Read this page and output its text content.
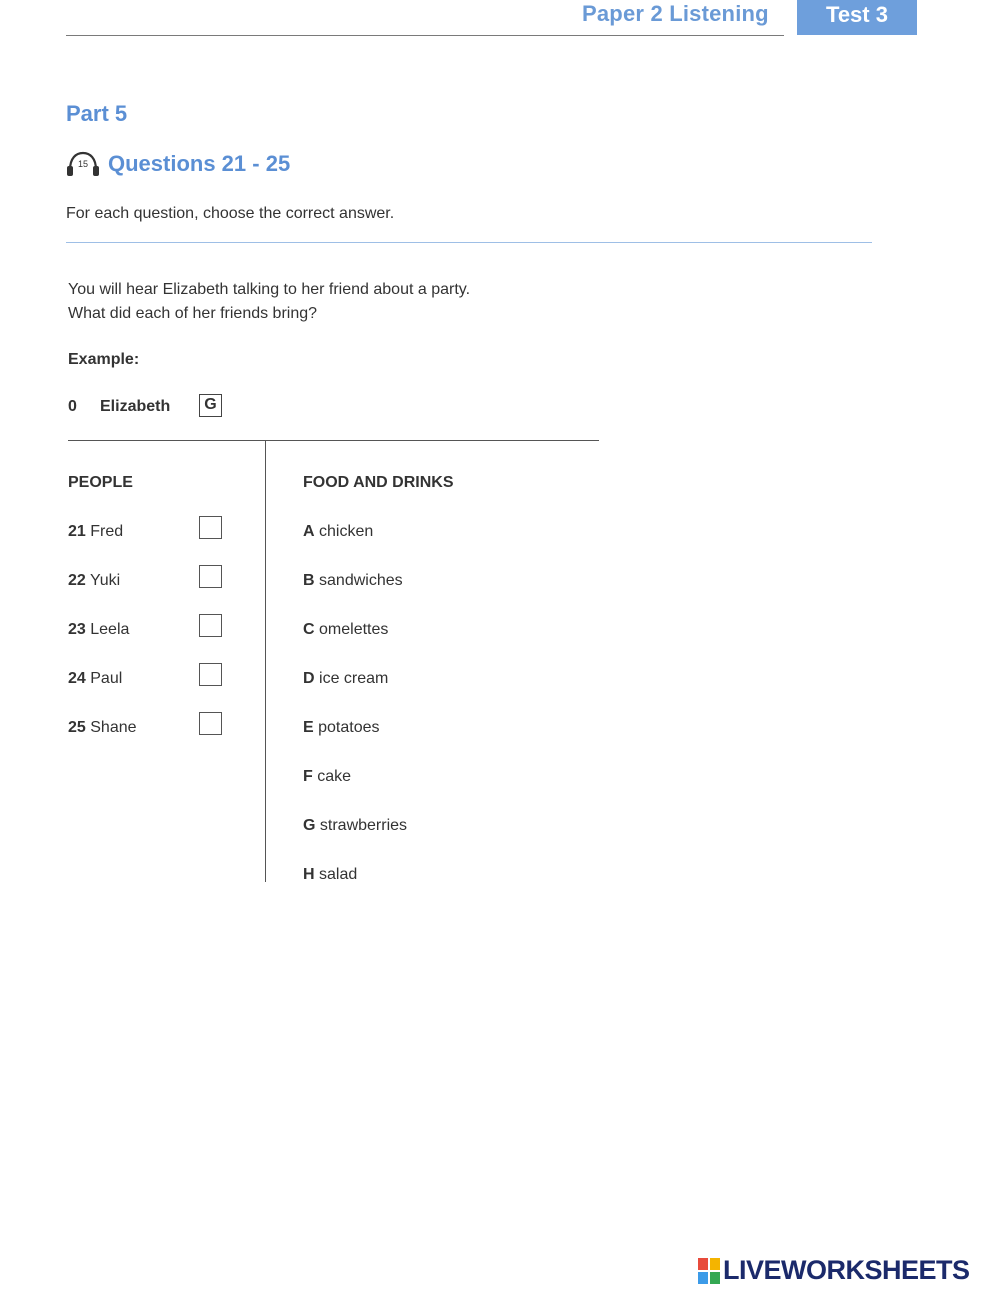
Paper 2 Listening	Test 3
Part 5
15 Questions 21 - 25
For each question, choose the correct answer.
You will hear Elizabeth talking to her friend about a party.
What did each of her friends bring?
Example:
0 Elizabeth	G
PEOPLE	FOOD AND DRINKS
21 Fred
22 Yuki
23 Leela
24 Paul
25 Shane
A chicken
B sandwiches
C omelettes
D ice cream
E potatoes
F cake
G strawberries
H salad
LIVEWORKSHEETS
